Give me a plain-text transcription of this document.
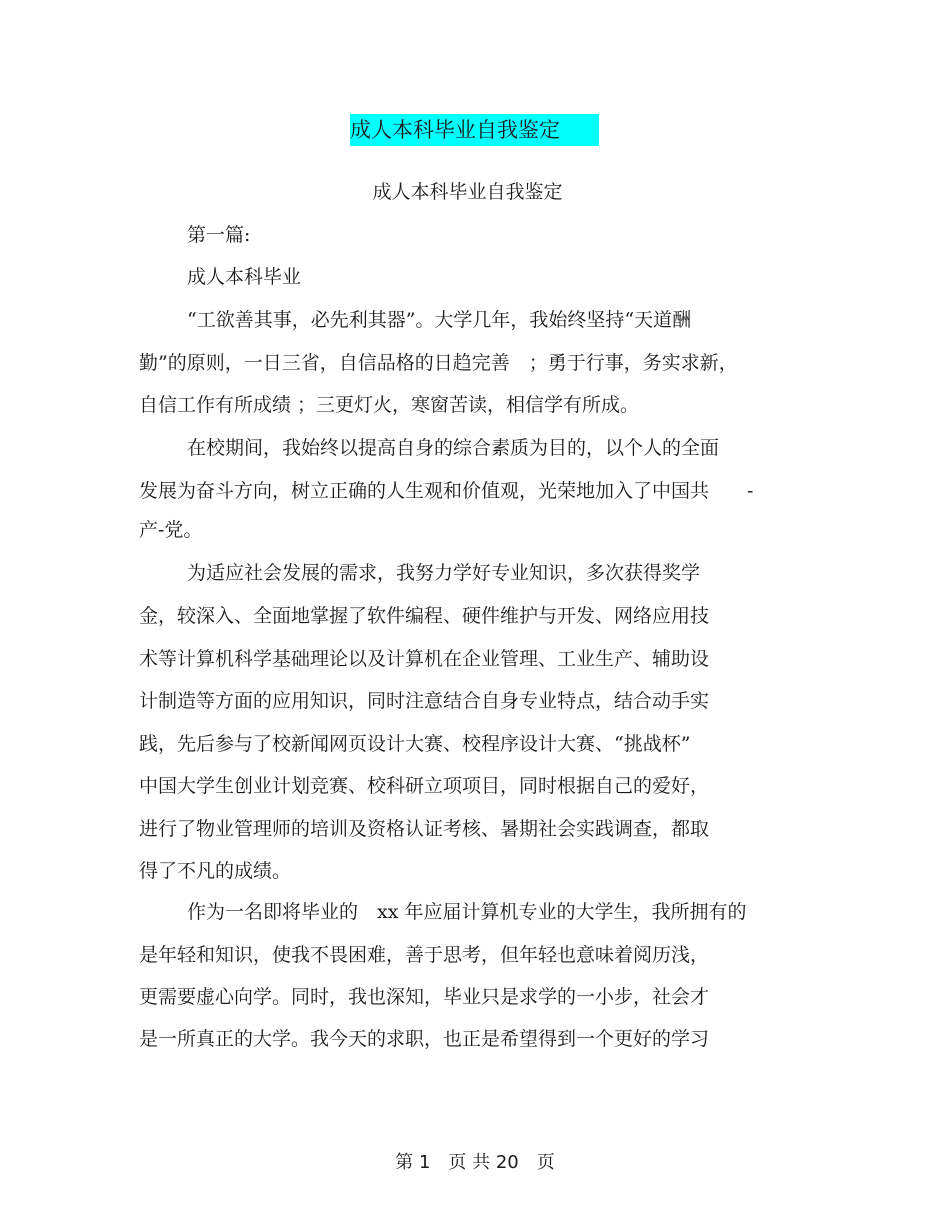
成人本科毕业自我鉴定
成人本科毕业自我鉴定
第一篇:
成人本科毕业
“工欲善其事，必先利其器”。大学几年，我始终坚持“天道酬
勤”的原则，一日三省，自信品格的日趋完善　；勇于行事，务实求新，
自信工作有所成绩 ；三更灯火，寒窗苦读，相信学有所成。
在校期间，我始终以提高自身的综合素质为目的，以个人的全面
发展为奋斗方向，树立正确的人生观和价值观，光荣地加入了中国共　　-
产-党。
为适应社会发展的需求，我努力学好专业知识，多次获得奖学
金，较深入、全面地掌握了软件编程、硬件维护与开发、网络应用技
术等计算机科学基础理论以及计算机在企业管理、工业生产、辅助设
计制造等方面的应用知识，同时注意结合自身专业特点，结合动手实
践，先后参与了校新闻网页设计大赛、校程序设计大赛、“挑战杯”
中国大学生创业计划竞赛、校科研立项项目，同时根据自己的爱好，
进行了物业管理师的培训及资格认证考核、暑期社会实践调查，都取
得了不凡的成绩。
作为一名即将毕业的　xx 年应届计算机专业的大学生，我所拥有的
是年轻和知识，使我不畏困难，善于思考，但年轻也意味着阅历浅，
更需要虚心向学。同时，我也深知，毕业只是求学的一小步，社会才
是一所真正的大学。我今天的求职，也正是希望得到一个更好的学习
第 1　页 共 20　页
